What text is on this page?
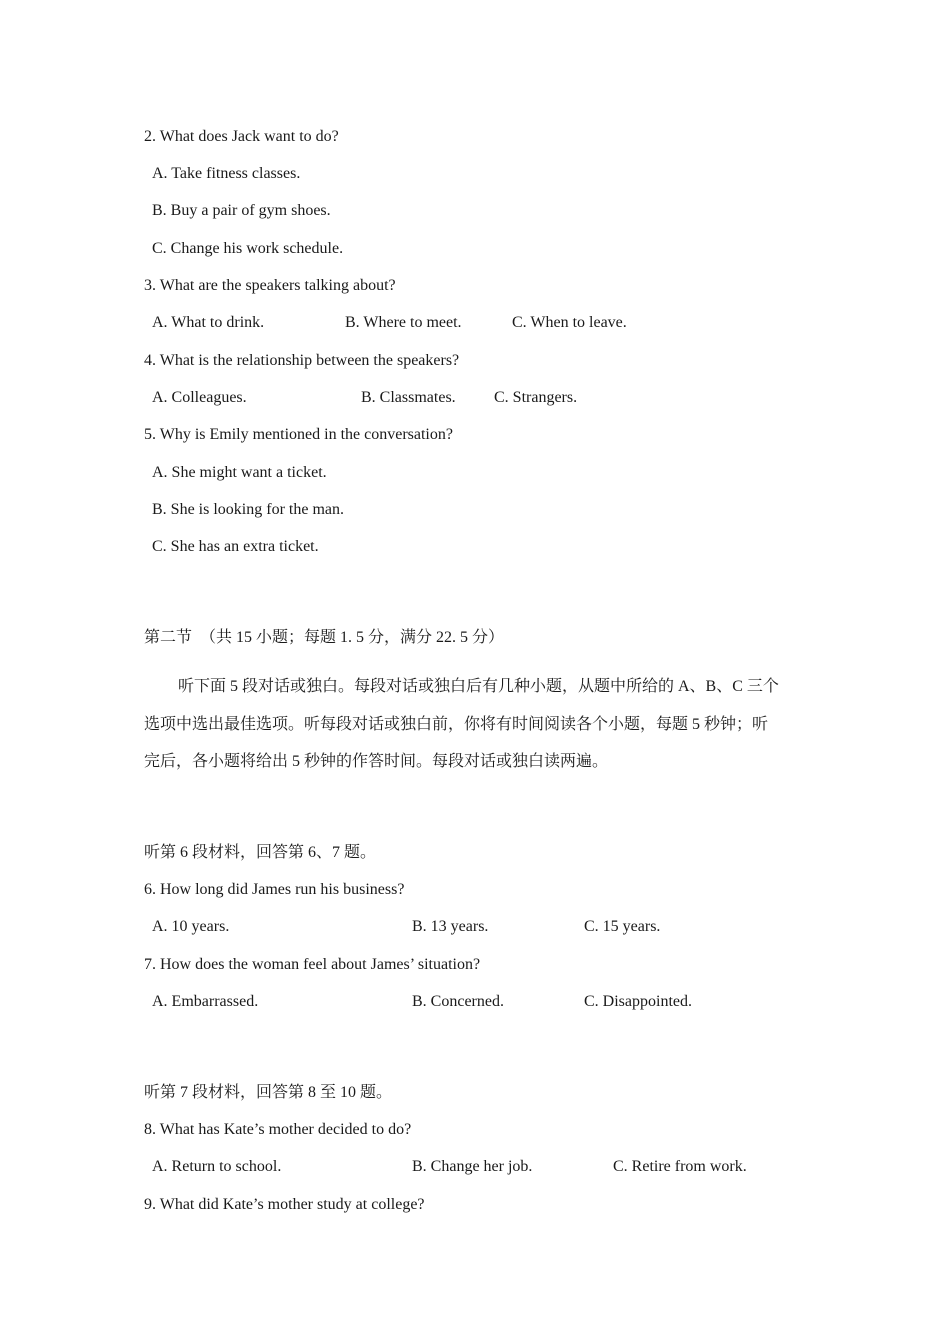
2. What does Jack want to do?
A. Take fitness classes.
B. Buy a pair of gym shoes.
C. Change his work schedule.
3. What are the speakers talking about?
A. What to drink.	B. Where to meet.	C. When to leave.
4. What is the relationship between the speakers?
A. Colleagues.	B. Classmates. C. Strangers.
5. Why is Emily mentioned in the conversation?
A. She might want a ticket.
B. She is looking for the man.
C. She has an extra ticket.
第二节　（共 15 小题；每题 1. 5 分，满分 22. 5 分）

听下面 5 段对话或独白。每段对话或独白后有几种小题，从题中所给的 A、B、C 三个

选项中选出最佳选项。听每段对话或独白前，你将有时间阅读各个小题，每题 5 秒钟；听

完后，各小题将给出 5 秒钟的作答时间。每段对话或独白读两遍。

听第 6 段材料，回答第 6、7 题。
6. How long did James run his business?
A. 10 years.	B. 13 years.	C. 15 years.
7. How does the woman feel about James’ situation?
A. Embarrassed.	B. Concerned.	C. Disappointed.
听第 7 段材料，回答第 8 至 10 题。
8. What has Kate’s mother decided to do?
A. Return to school.	B. Change her job.	C. Retire from work.
9. What did Kate’s mother study at college?
